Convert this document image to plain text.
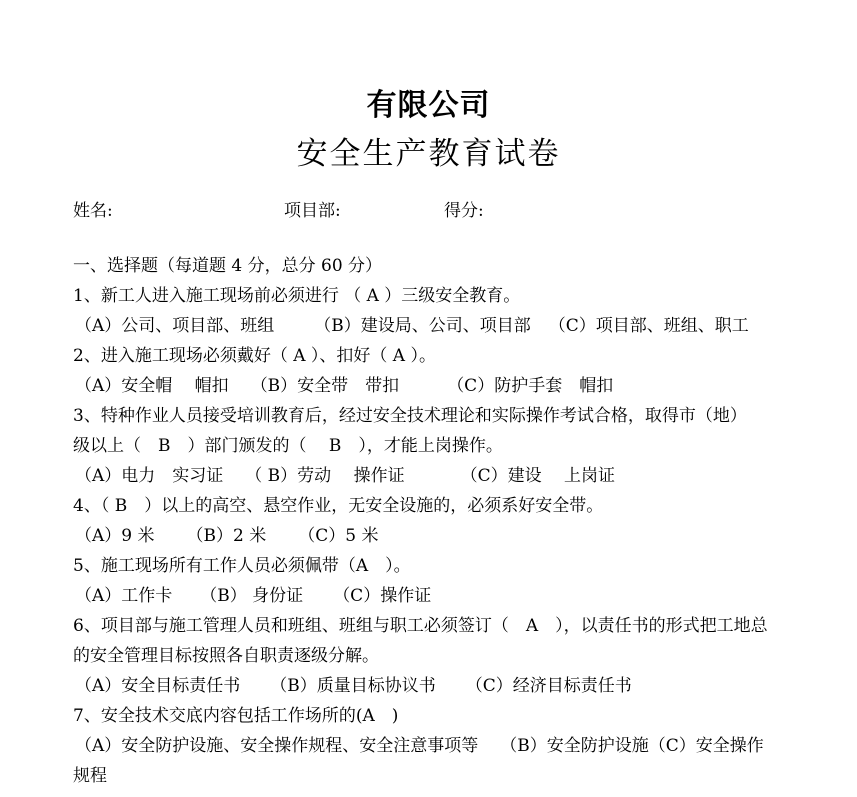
有限公司
安全生产教育试卷
姓名:	项目部:	得分:
一、选择题（每道题 4 分，总分 60 分）
1、新工人进入施工现场前必须进行 （ A ）三级安全教育。
（A）公司、项目部、班组 （B）建设局、公司、项目部 （C）项目部、班组、职工
2、进入施工现场必须戴好（ A ）、扣好（ A ）。
（A）安全帽　 帽扣 （B）安全带　带扣	（C）防护手套　帽扣
3、特种作业人员接受培训教育后，经过安全技术理论和实际操作考试合格，取得市（地）
级以上（　B　）部门颁发的（　 B　），才能上岗操作。
（A）电力　实习证 （ B）劳动　 操作证	（C）建设　 上岗证
4、（ B　）以上的高空、悬空作业，无安全设施的，必须系好安全带。
（A）9 米 （B）2 米 （C）5 米
5、施工现场所有工作人员必须佩带（A　）。
（A）工作卡 （B） 身份证 （C）操作证
6、项目部与施工管理人员和班组、班组与职工必须签订（　A　），以责任书的形式把工地总
的安全管理目标按照各自职责逐级分解。
（A）安全目标责任书 （B）质量目标协议书 （C）经济目标责任书
7、安全技术交底内容包括工作场所的(A　)
（A）安全防护设施、安全操作规程、安全注意事项等 （B）安全防护设施（C）安全操作
规程
